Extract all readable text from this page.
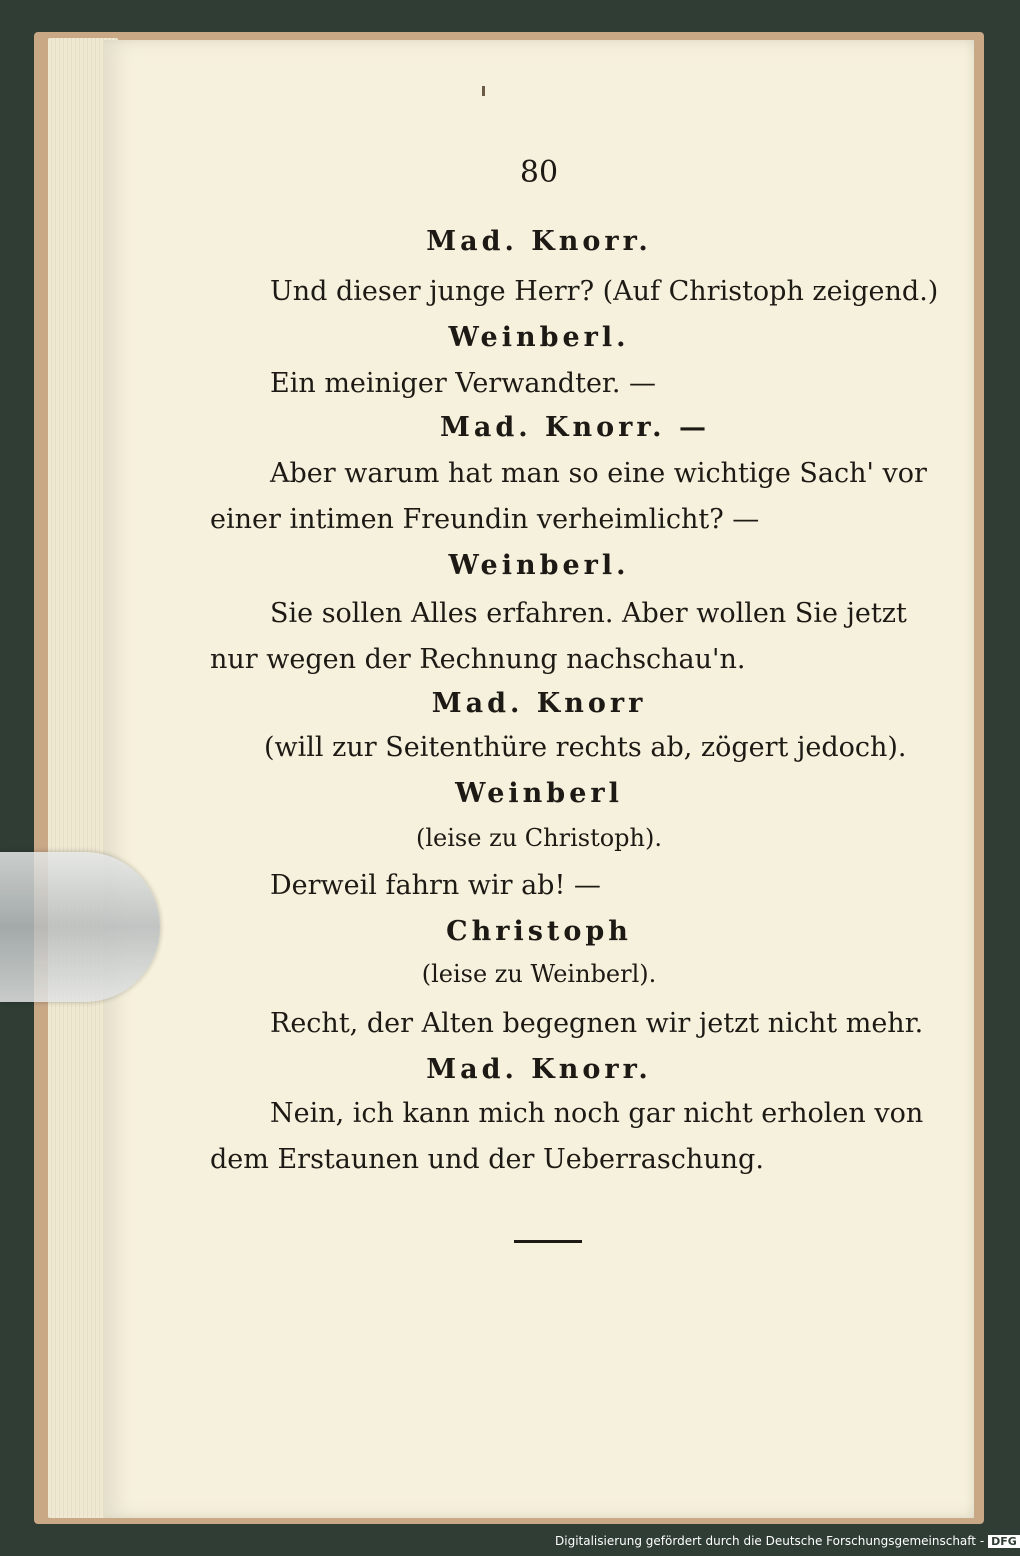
80
Mad. Knorr.
Und dieser junge Herr? (Auf Christoph zeigend.)
Weinberl.
Ein meiniger Verwandter. —
Mad. Knorr. —
Aber warum hat man so eine wichtige Sach' vor
einer intimen Freundin verheimlicht? —
Weinberl.
Sie sollen Alles erfahren. Aber wollen Sie jetzt
nur wegen der Rechnung nachschau'n.
Mad. Knorr
(will zur Seitenthüre rechts ab, zögert jedoch).
Weinberl
(leise zu Christoph).
Derweil fahrn wir ab! —
Christoph
(leise zu Weinberl).
Recht, der Alten begegnen wir jetzt nicht mehr.
Mad. Knorr.
Nein, ich kann mich noch gar nicht erholen von
dem Erstaunen und der Ueberraschung.
Digitalisierung gefördert durch die Deutsche Forschungsgemeinschaft - DFG
